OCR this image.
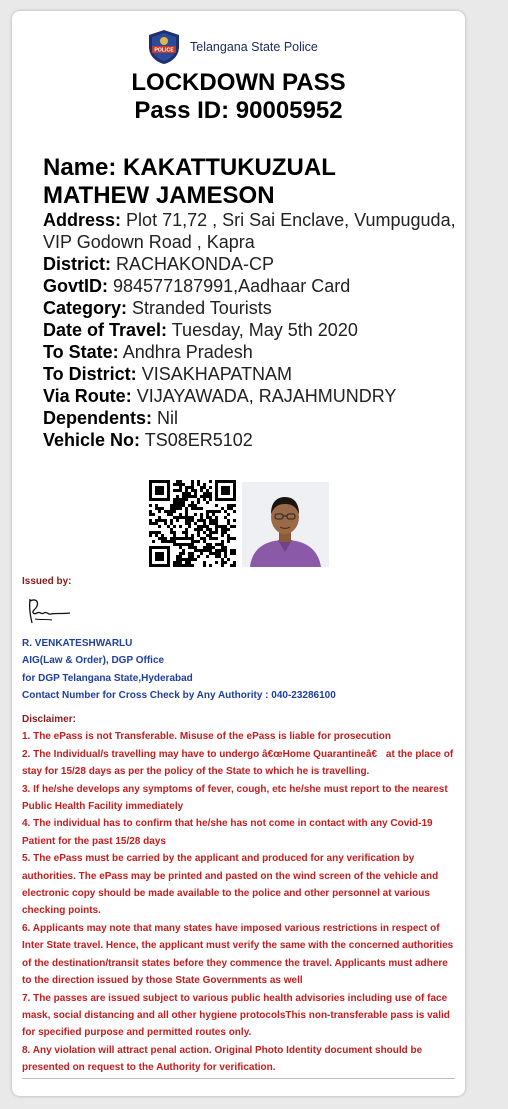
POLICE Telangana State Police
LOCKDOWN PASS
Pass ID: 90005952
Name: KAKATTUKUZUAL MATHEW JAMESON
Address: Plot 71,72 , Sri Sai Enclave, Vumpuguda, VIP Godown Road , Kapra
District: RACHAKONDA-CP
GovtID: 984577187991,Aadhaar Card
Category: Stranded Tourists
Date of Travel: Tuesday, May 5th 2020
To State: Andhra Pradesh
To District: VISAKHAPATNAM
Via Route: VIJAYAWADA, RAJAHMUNDRY
Dependents: Nil
Vehicle No: TS08ER5102
Issued by:
R. VENKATESHWARLU
AIG(Law & Order), DGP Office
for DGP Telangana State,Hyderabad
Contact Number for Cross Check by Any Authority : 040-23286100
Disclaimer:
1. The ePass is not Transferable. Misuse of the ePass is liable for prosecution
2. The Individual/s travelling may have to undergo â€œHome Quarantineâ€ at the place of stay for 15/28 days as per the policy of the State to which he is travelling.
3. If he/she develops any symptoms of fever, cough, etc he/she must report to the nearest Public Health Facility immediately
4. The individual has to confirm that he/she has not come in contact with any Covid-19 Patient for the past 15/28 days
5. The ePass must be carried by the applicant and produced for any verification by authorities. The ePass may be printed and pasted on the wind screen of the vehicle and electronic copy should be made available to the police and other personnel at various checking points.
6. Applicants may note that many states have imposed various restrictions in respect of Inter State travel. Hence, the applicant must verify the same with the concerned authorities of the destination/transit states before they commence the travel. Applicants must adhere to the direction issued by those State Governments as well
7. The passes are issued subject to various public health advisories including use of face mask, social distancing and all other hygiene protocolsThis non-transferable pass is valid for specified purpose and permitted routes only.
8. Any violation will attract penal action. Original Photo Identity document should be presented on request to the Authority for verification.
